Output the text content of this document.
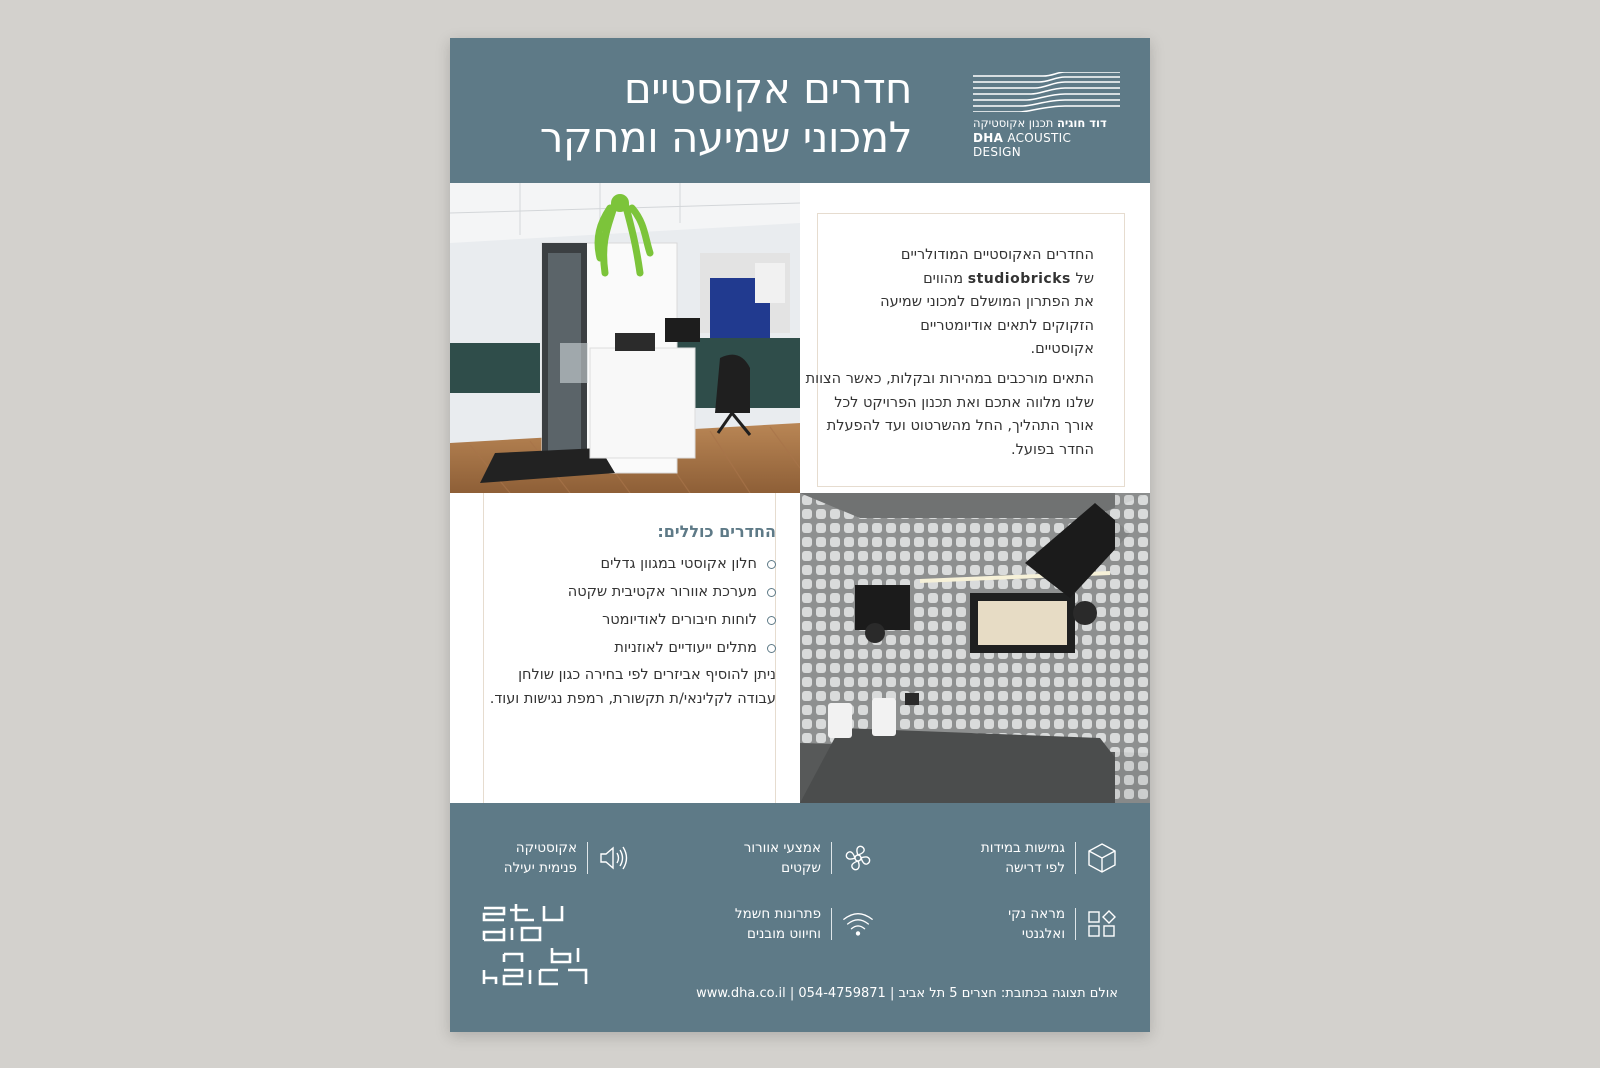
דוד חוגיה תכנון אקוסטיקה
DHA ACOUSTIC DESIGN
חדרים אקוסטיים
למכוני שמיעה ומחקר
החדרים האקוסטיים המודולריים
של studiobricks מהווים
את הפתרון המושלם למכוני שמיעה
הזקוקים לתאים אודיומטריים
אקוסטיים.
התאים מורכבים במהירות ובקלות, כאשר הצוות שלנו מלווה אתכם ואת תכנון הפרויקט לכל אורך התהליך, החל מהשרטוט ועד להפעלת החדר בפועל.
החדרים כוללים:
חלון אקוסטי במגוון גדלים
מערכת אוורור אקטיבית שקטה
לוחות חיבורים לאודיומטר
מתלים ייעודיים לאוזניות

ניתן להוסיף אביזרים לפי בחירה כגון שולחן עבודה לקלינאי/ת תקשורת, רמפת נגישות ועוד.

גמישות במידות
לפי דרישה
אמצעי אוורור
שקטים
אקוסטיקה
פנימית יעילה
מראה נקי
ואלגנטי
פתרונות חשמל
וחיווט מובנים
אולם תצוגה בכתובת: חצרים 5 תל אביב | 054-4759871 | www.dha.co.il
